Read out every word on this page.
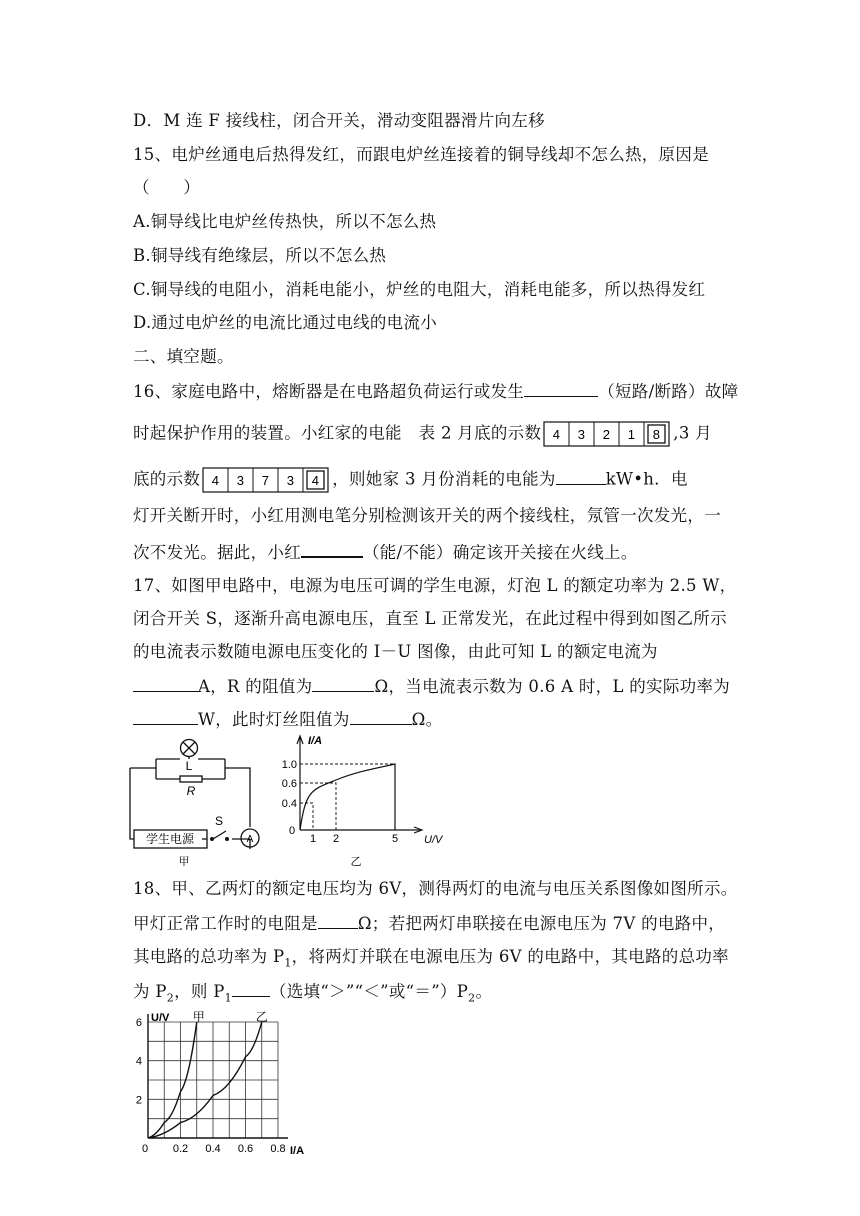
D．M 连 F 接线柱，闭合开关，滑动变阻器滑片向左移
15、电炉丝通电后热得发红，而跟电炉丝连接着的铜导线却不怎么热，原因是
（　　）
A.铜导线比电炉丝传热快，所以不怎么热
B.铜导线有绝缘层，所以不怎么热
C.铜导线的电阻小，消耗电能小，炉丝的电阻大，消耗电能多，所以热得发红
D.通过电炉丝的电流比通过电线的电流小
二、填空题。
16、家庭电路中，熔断器是在电路超负荷运行或发生	（短路/断路）故障
时起保护作用的装置。小红家的电能　表 2 月底的示数 4 3 2 1 8 ,3 月
底的示数 4 3 7 3 4 ，则她家 3 月份消耗的电能为	kW•h．电
灯开关断开时，小红用测电笔分别检测该开关的两个接线柱，氖管一次发光，一
次不发光。据此，小红	（能/不能）确定该开关接在火线上。
17、如图甲电路中，电源为电压可调的学生电源，灯泡 L 的额定功率为 2.5 W，
闭合开关 S，逐渐升高电源电压，直至 L 正常发光，在此过程中得到如图乙所示
的电流表示数随电源电压变化的 I－U 图像，由此可知 L 的额定电流为
A，R 的阻值为	Ω，当电流表示数为 0.6 A 时，L 的实际功率为
W，此时灯丝阻值为	Ω。
L
R
A
S
学生电源
甲
I/A
U/V
1.0
0.6
0.4
0
1 2	5
乙
18、甲、乙两灯的额定电压均为 6V，测得两灯的电流与电压关系图像如图所示。
甲灯正常工作时的电阻是 Ω；若把两灯串联接在电源电压为 7V 的电路中，
其电路的总功率为 $P_1$，将两灯并联在电源电压为 6V 的电路中，其电路的总功率
为 $P_2$，则 $P_1$ （选填“＞”“＜”或“$=”)P_2$。
2
4
6
0 0.2 0.4 0.6 0.8
U/V
I/A
甲	乙
